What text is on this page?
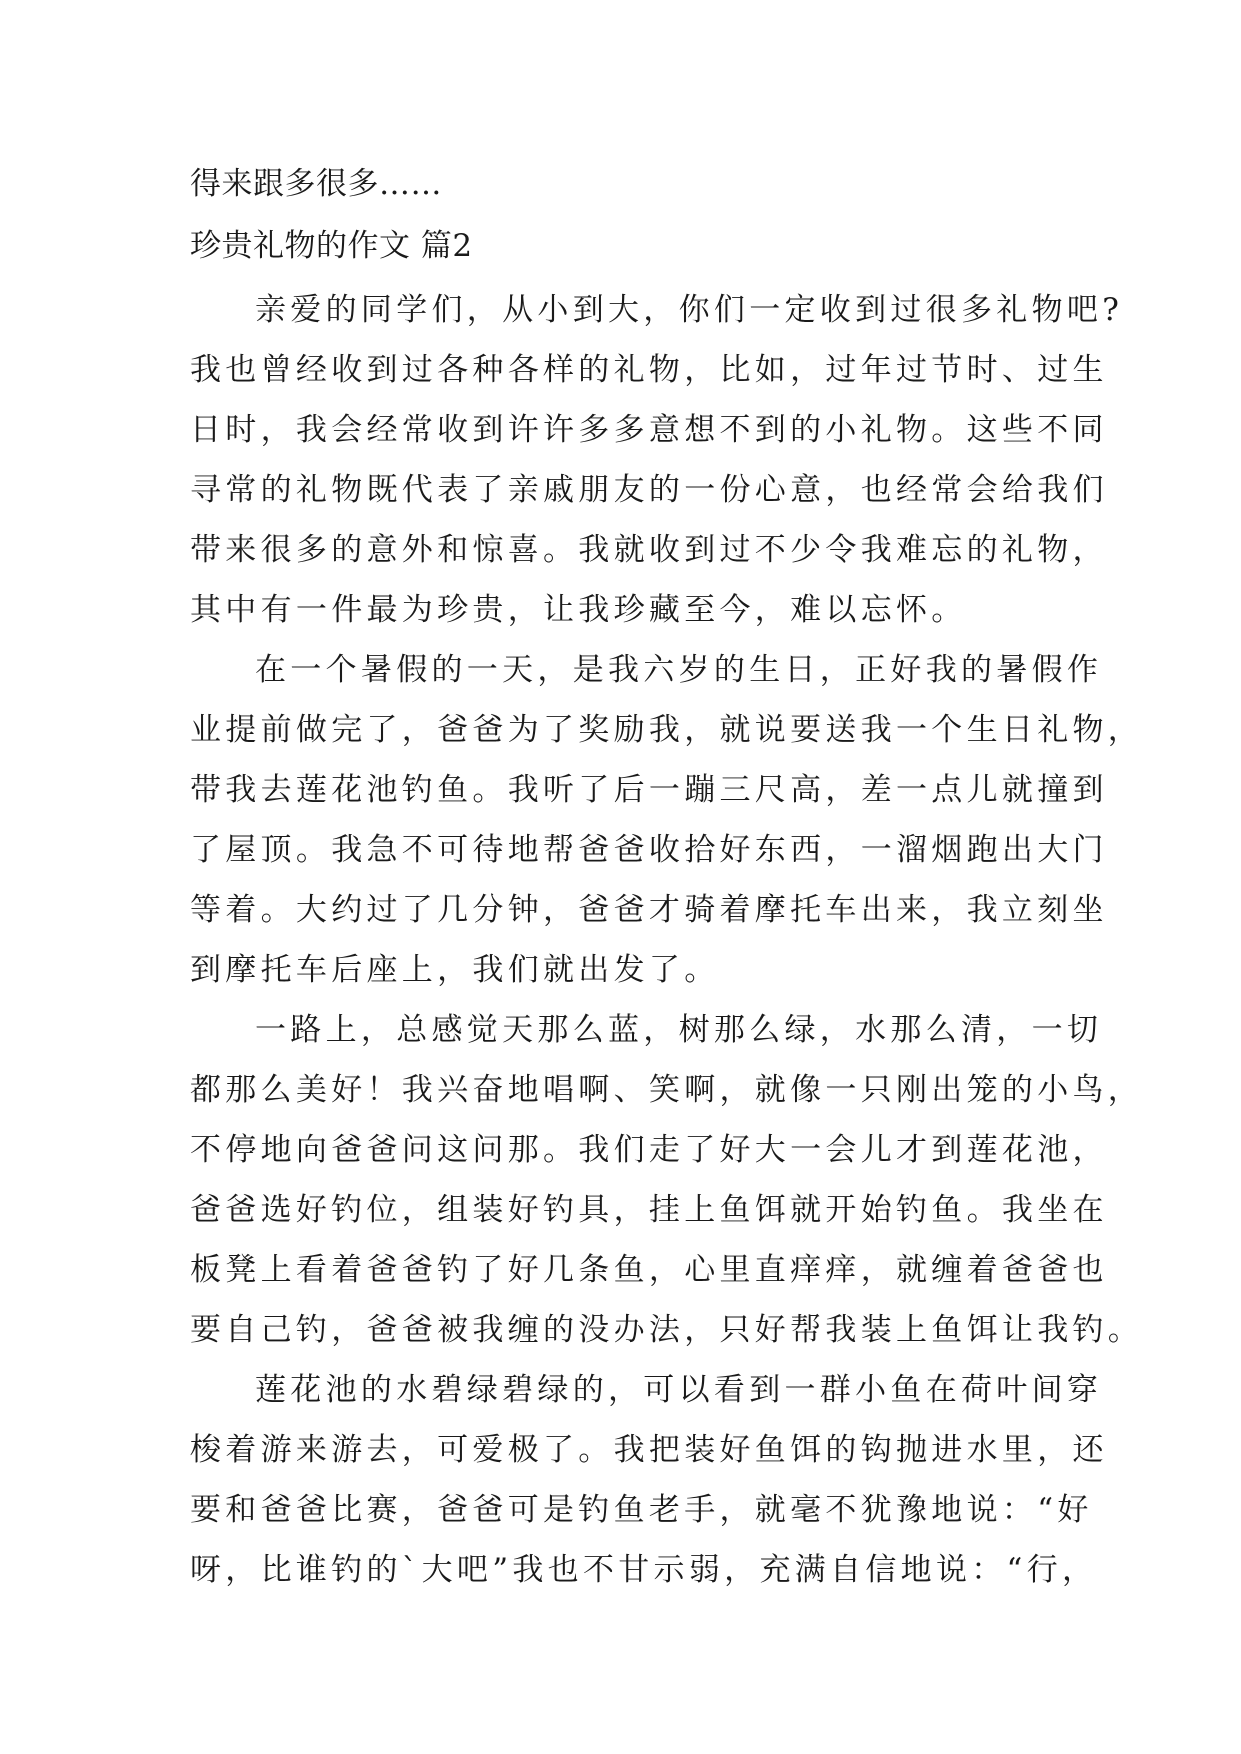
得来跟多很多……
珍贵礼物的作文 篇2
亲爱的同学们，从小到大，你们一定收到过很多礼物吧?
我也曾经收到过各种各样的礼物，比如，过年过节时、过生
日时，我会经常收到许许多多意想不到的小礼物。这些不同
寻常的礼物既代表了亲戚朋友的一份心意，也经常会给我们
带来很多的意外和惊喜。我就收到过不少令我难忘的礼物，
其中有一件最为珍贵，让我珍藏至今，难以忘怀。
在一个暑假的一天，是我六岁的生日，正好我的暑假作
业提前做完了，爸爸为了奖励我，就说要送我一个生日礼物，
带我去莲花池钓鱼。我听了后一蹦三尺高，差一点儿就撞到
了屋顶。我急不可待地帮爸爸收拾好东西，一溜烟跑出大门
等着。大约过了几分钟，爸爸才骑着摩托车出来，我立刻坐
到摩托车后座上，我们就出发了。
一路上，总感觉天那么蓝，树那么绿，水那么清，一切
都那么美好！我兴奋地唱啊、笑啊，就像一只刚出笼的小鸟，
不停地向爸爸问这问那。我们走了好大一会儿才到莲花池，
爸爸选好钓位，组装好钓具，挂上鱼饵就开始钓鱼。我坐在
板凳上看着爸爸钓了好几条鱼，心里直痒痒，就缠着爸爸也
要自己钓，爸爸被我缠的没办法，只好帮我装上鱼饵让我钓。
莲花池的水碧绿碧绿的，可以看到一群小鱼在荷叶间穿
梭着游来游去，可爱极了。我把装好鱼饵的钩抛进水里，还
要和爸爸比赛，爸爸可是钓鱼老手，就毫不犹豫地说：“好
呀，比谁钓的`大吧”我也不甘示弱，充满自信地说：“行，
